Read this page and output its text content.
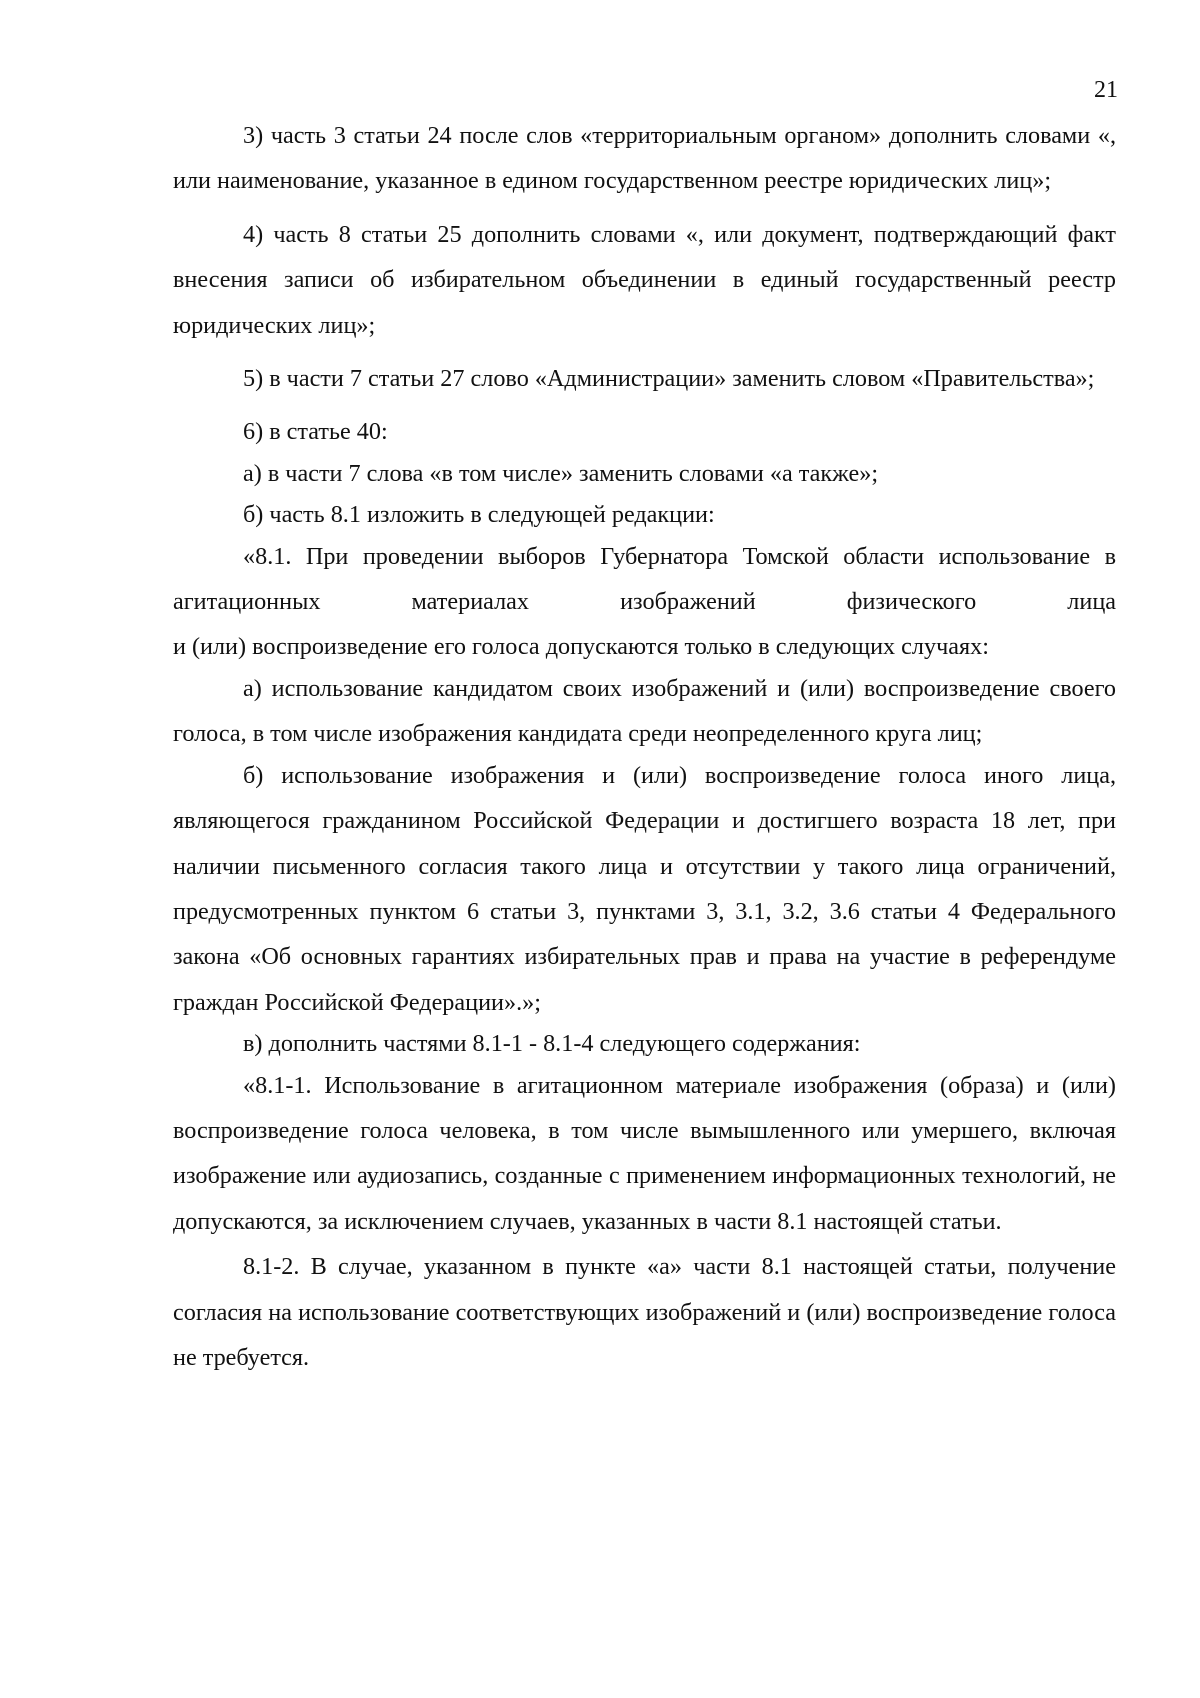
21

3) часть 3 статьи 24 после слов «территориальным органом» дополнить словами «, или наименование, указанное в едином государственном реестре юридических лиц»;

4) часть 8 статьи 25 дополнить словами «, или документ, подтверждающий факт внесения записи об избирательном объединении в единый государственный реестр юридических лиц»;

5) в части 7 статьи 27 слово «Администрации» заменить словом «Правительства»;

6) в статье 40:

а) в части 7 слова «в том числе» заменить словами «а также»;

б) часть 8.1 изложить в следующей редакции:

«8.1. При проведении выборов Губернатора Томской области использование в агитационных материалах изображений физического лица

и (или) воспроизведение его голоса допускаются только в следующих случаях:

а) использование кандидатом своих изображений и (или) воспроизведение своего голоса, в том числе изображения кандидата среди неопределенного круга лиц;

б) использование изображения и (или) воспроизведение голоса иного лица, являющегося гражданином Российской Федерации и достигшего возраста 18 лет, при наличии письменного согласия такого лица и отсутствии у такого лица ограничений, предусмотренных пунктом 6 статьи 3, пунктами 3, 3.1, 3.2, 3.6 статьи 4 Федерального закона «Об основных гарантиях избирательных прав и права на участие в референдуме граждан Российской Федерации».»;

в) дополнить частями 8.1-1 - 8.1-4 следующего содержания:

«8.1-1. Использование в агитационном материале изображения (образа) и (или) воспроизведение голоса человека, в том числе вымышленного или умершего, включая изображение или аудиозапись, созданные с применением информационных технологий, не допускаются, за исключением случаев, указанных в части 8.1 настоящей статьи.

8.1-2. В случае, указанном в пункте «а» части 8.1 настоящей статьи, получение согласия на использование соответствующих изображений и (или) воспроизведение голоса не требуется.
